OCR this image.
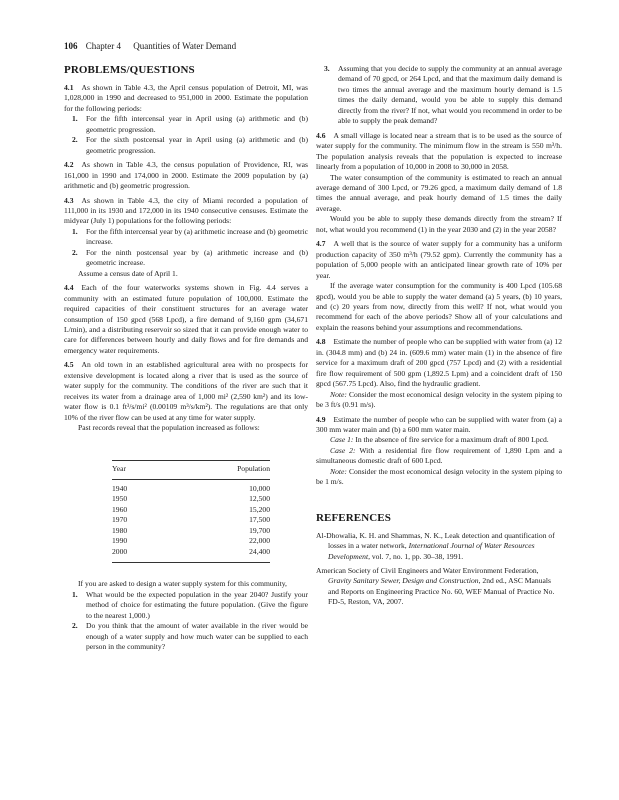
106 Chapter 4 Quantities of Water Demand
PROBLEMS/QUESTIONS

4.1 As shown in Table 4.3, the April census population of Detroit, MI, was 1,028,000 in 1990 and decreased to 951,000 in 2000. Estimate the population for the following periods:

1.	For the fifth intercensal year in April using (a) arithmetic and (b) geometric progression.
2.	For the sixth postcensal year in April using (a) arithmetic and (b) geometric progression.

4.2 As shown in Table 4.3, the census population of Providence, RI, was 161,000 in 1990 and 174,000 in 2000. Estimate the 2009 population by (a) arithmetic and (b) geometric progression.

4.3 As shown in Table 4.3, the city of Miami recorded a population of 111,000 in its 1930 and 172,000 in its 1940 consecutive censuses. Estimate the midyear (July 1) populations for the following periods:

1.	For the fifth intercensal year by (a) arithmetic increase and (b) geometric increase.
2.	For the ninth postcensal year by (a) arithmetic increase and (b) geometric increase.

Assume a census date of April 1.

4.4 Each of the four waterworks systems shown in Fig. 4.4 serves a community with an estimated future population of 100,000. Estimate the required capacities of their constituent structures for an average water consumption of 150 gpcd (568 Lpcd), a fire demand of 9,160 gpm (34,671 L/min), and a distributing reservoir so sized that it can provide enough water to care for differences between hourly and daily flows and for fire demands and emergency water requirements.

4.5 An old town in an established agricultural area with no prospects for extensive development is located along a river that is used as the source of water supply for the community. The conditions of the river are such that it receives its water from a drainage area of 1,000 mi² (2,590 km²) and its low-water flow is 0.1 ft³/s/mi² (0.00109 m³/s/km²). The regulations are that only 10% of the river flow can be used at any time for water supply.

Past records reveal that the population increased as follows:

Year	Population
1940	10,000
1950	12,500
1960	15,200
1970	17,500
1980	19,700
1990	22,000
2000	24,400

If you are asked to design a water supply system for this community,

1.	What would be the expected population in the year 2040? Justify your method of choice for estimating the future population. (Give the figure to the nearest 1,000.)
2.	Do you think that the amount of water available in the river would be enough of a water supply and how much water can be supplied to each person in the community?
3.	Assuming that you decide to supply the community at an annual average demand of 70 gpcd, or 264 Lpcd, and that the maximum daily demand is two times the annual average and the maximum hourly demand is 1.5 times the daily demand, would you be able to supply this demand directly from the river? If not, what would you recommend in order to be able to supply the peak demand?

4.6 A small village is located near a stream that is to be used as the source of water supply for the community. The minimum flow in the stream is 550 m³/h. The population analysis reveals that the population is expected to increase linearly from a population of 10,000 in 2008 to 30,000 in 2058.

The water consumption of the community is estimated to reach an annual average demand of 300 Lpcd, or 79.26 gpcd, a maximum daily demand of 1.8 times the annual average, and peak hourly demand of 1.5 times the daily average.

Would you be able to supply these demands directly from the stream? If not, what would you recommend (1) in the year 2030 and (2) in the year 2058?

4.7 A well that is the source of water supply for a community has a uniform production capacity of 350 m³/h (79.52 gpm). Currently the community has a population of 5,000 people with an anticipated linear growth rate of 10% per year.

If the average water consumption for the community is 400 Lpcd (105.68 gpcd), would you be able to supply the water demand (a) 5 years, (b) 10 years, and (c) 20 years from now, directly from this well? If not, what would you recommend for each of the above periods? Show all of your calculations and explain the reasons behind your assumptions and recommendations.

4.8 Estimate the number of people who can be supplied with water from (a) 12 in. (304.8 mm) and (b) 24 in. (609.6 mm) water main (1) in the absence of fire service for a maximum draft of 200 gpcd (757 Lpcd) and (2) with a residential fire flow requirement of 500 gpm (1,892.5 Lpm) and a coincident draft of 150 gpcd (567.75 Lpcd). Also, find the hydraulic gradient.

Note: Consider the most economical design velocity in the system piping to be 3 ft/s (0.91 m/s).

4.9 Estimate the number of people who can be supplied with water from (a) a 300 mm water main and (b) a 600 mm water main.

Case 1: In the absence of fire service for a maximum draft of 800 Lpcd.

Case 2: With a residential fire flow requirement of 1,890 Lpm and a simultaneous domestic draft of 600 Lpcd.

Note: Consider the most economical design velocity in the system piping to be 1 m/s.

REFERENCES

Al-Dhowalia, K. H. and Shammas, N. K., Leak detection and quantification of losses in a water network, International Journal of Water Resources Development, vol. 7, no. 1, pp. 30–38, 1991.

American Society of Civil Engineers and Water Environment Federation, Gravity Sanitary Sewer, Design and Construction, 2nd ed., ASC Manuals and Reports on Engineering Practice No. 60, WEF Manual of Practice No. FD-5, Reston, VA, 2007.
